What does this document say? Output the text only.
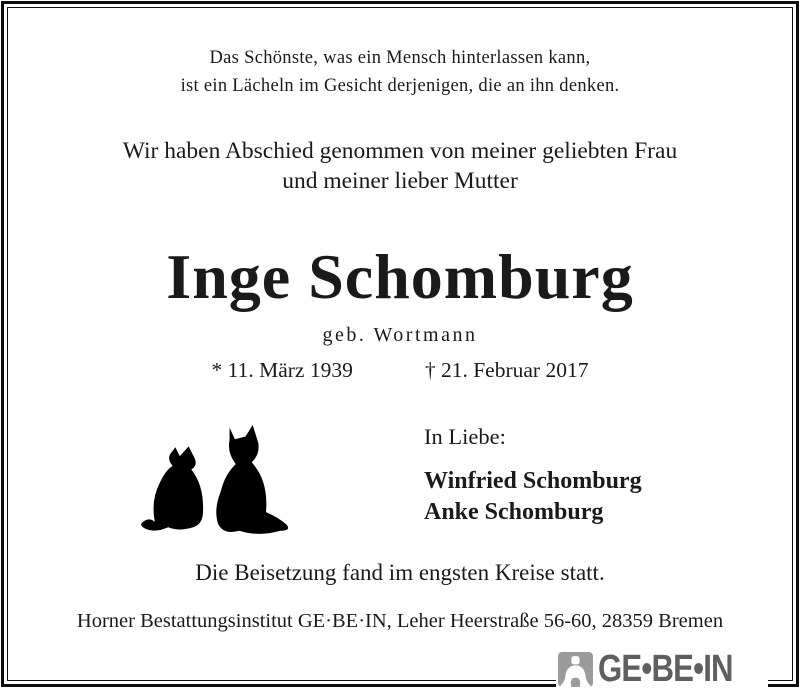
Das Schönste, was ein Mensch hinterlassen kann,
ist ein Lächeln im Gesicht derjenigen, die an ihn denken.
Wir haben Abschied genommen von meiner geliebten Frau
und meiner lieber Mutter
Inge Schomburg
geb. Wortmann
* 11. März 1939	† 21. Februar 2017
In Liebe:
Winfried Schomburg
Anke Schomburg
Die Beisetzung fand im engsten Kreise statt.
Horner Bestattungsinstitut GE·BE·IN, Leher Heerstraße 56-60, 28359 Bremen
GE•BE•IN
